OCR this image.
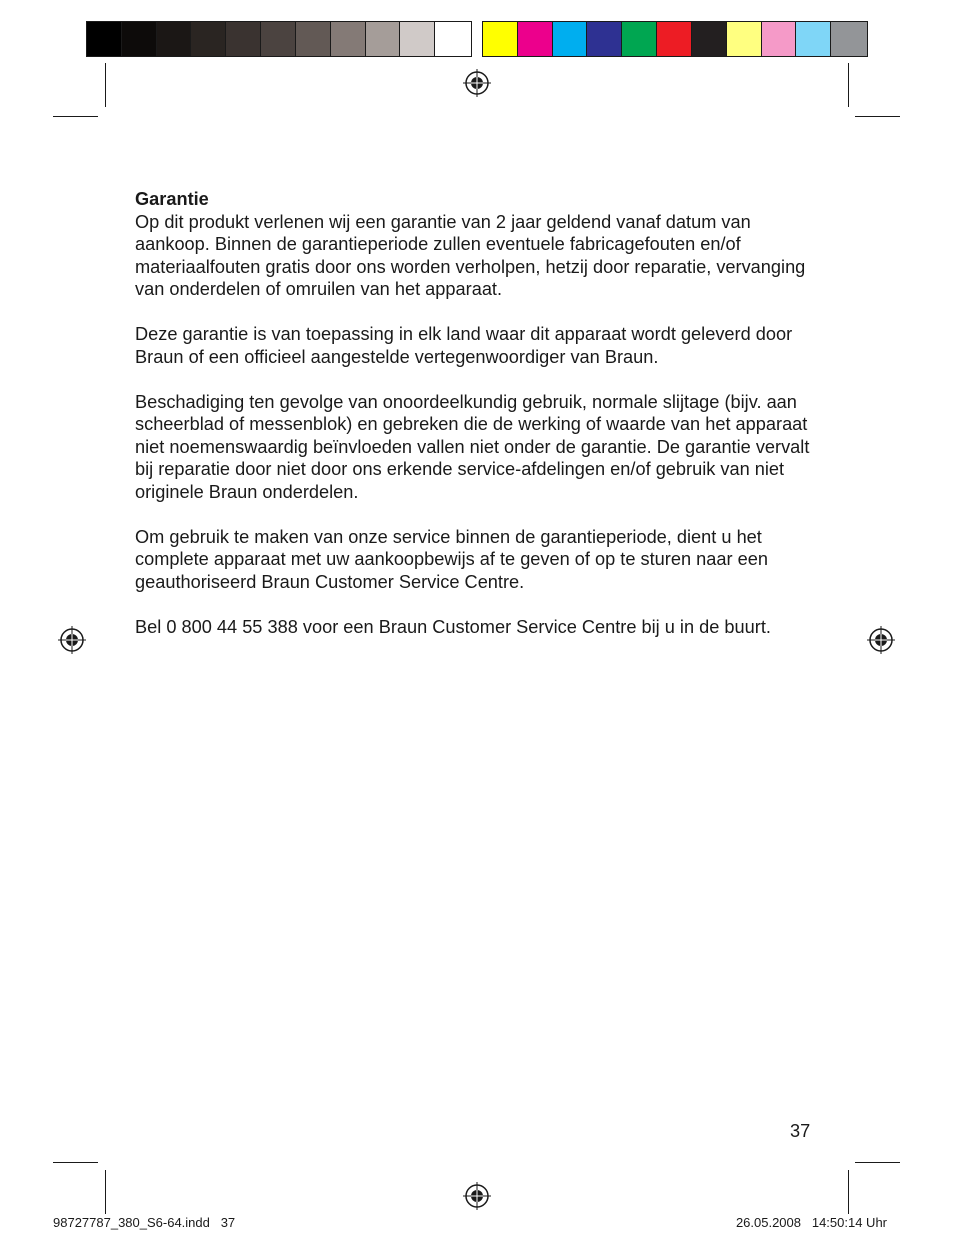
Garantie

Op dit produkt verlenen wij een garantie van 2 jaar geldend vanaf datum van aankoop. Binnen de garantieperiode zullen eventuele fabricagefouten en/of materiaalfouten gratis door ons worden verholpen, hetzij door reparatie, vervanging van onderdelen of omruilen van het apparaat.

Deze garantie is van toepassing in elk land waar dit apparaat wordt geleverd door Braun of een officieel aangestelde vertegenwoordiger van Braun.

Beschadiging ten gevolge van onoordeelkundig gebruik, normale slijtage (bijv. aan scheerblad of messenblok) en gebreken die de werking of waarde van het apparaat niet noemenswaardig beïnvloeden vallen niet onder de garantie. De garantie vervalt bij reparatie door niet door ons erkende service-afdelingen en/of gebruik van niet originele Braun onderdelen.

Om gebruik te maken van onze service binnen de garantieperiode, dient u het complete apparaat met uw aankoopbewijs af te geven of op te sturen naar een geauthoriseerd Braun Customer Service Centre.

Bel 0 800 44 55 388 voor een Braun Customer Service Centre bij u in de buurt.

37
98727787_380_S6-64.indd   37	26.05.2008   14:50:14 Uhr
